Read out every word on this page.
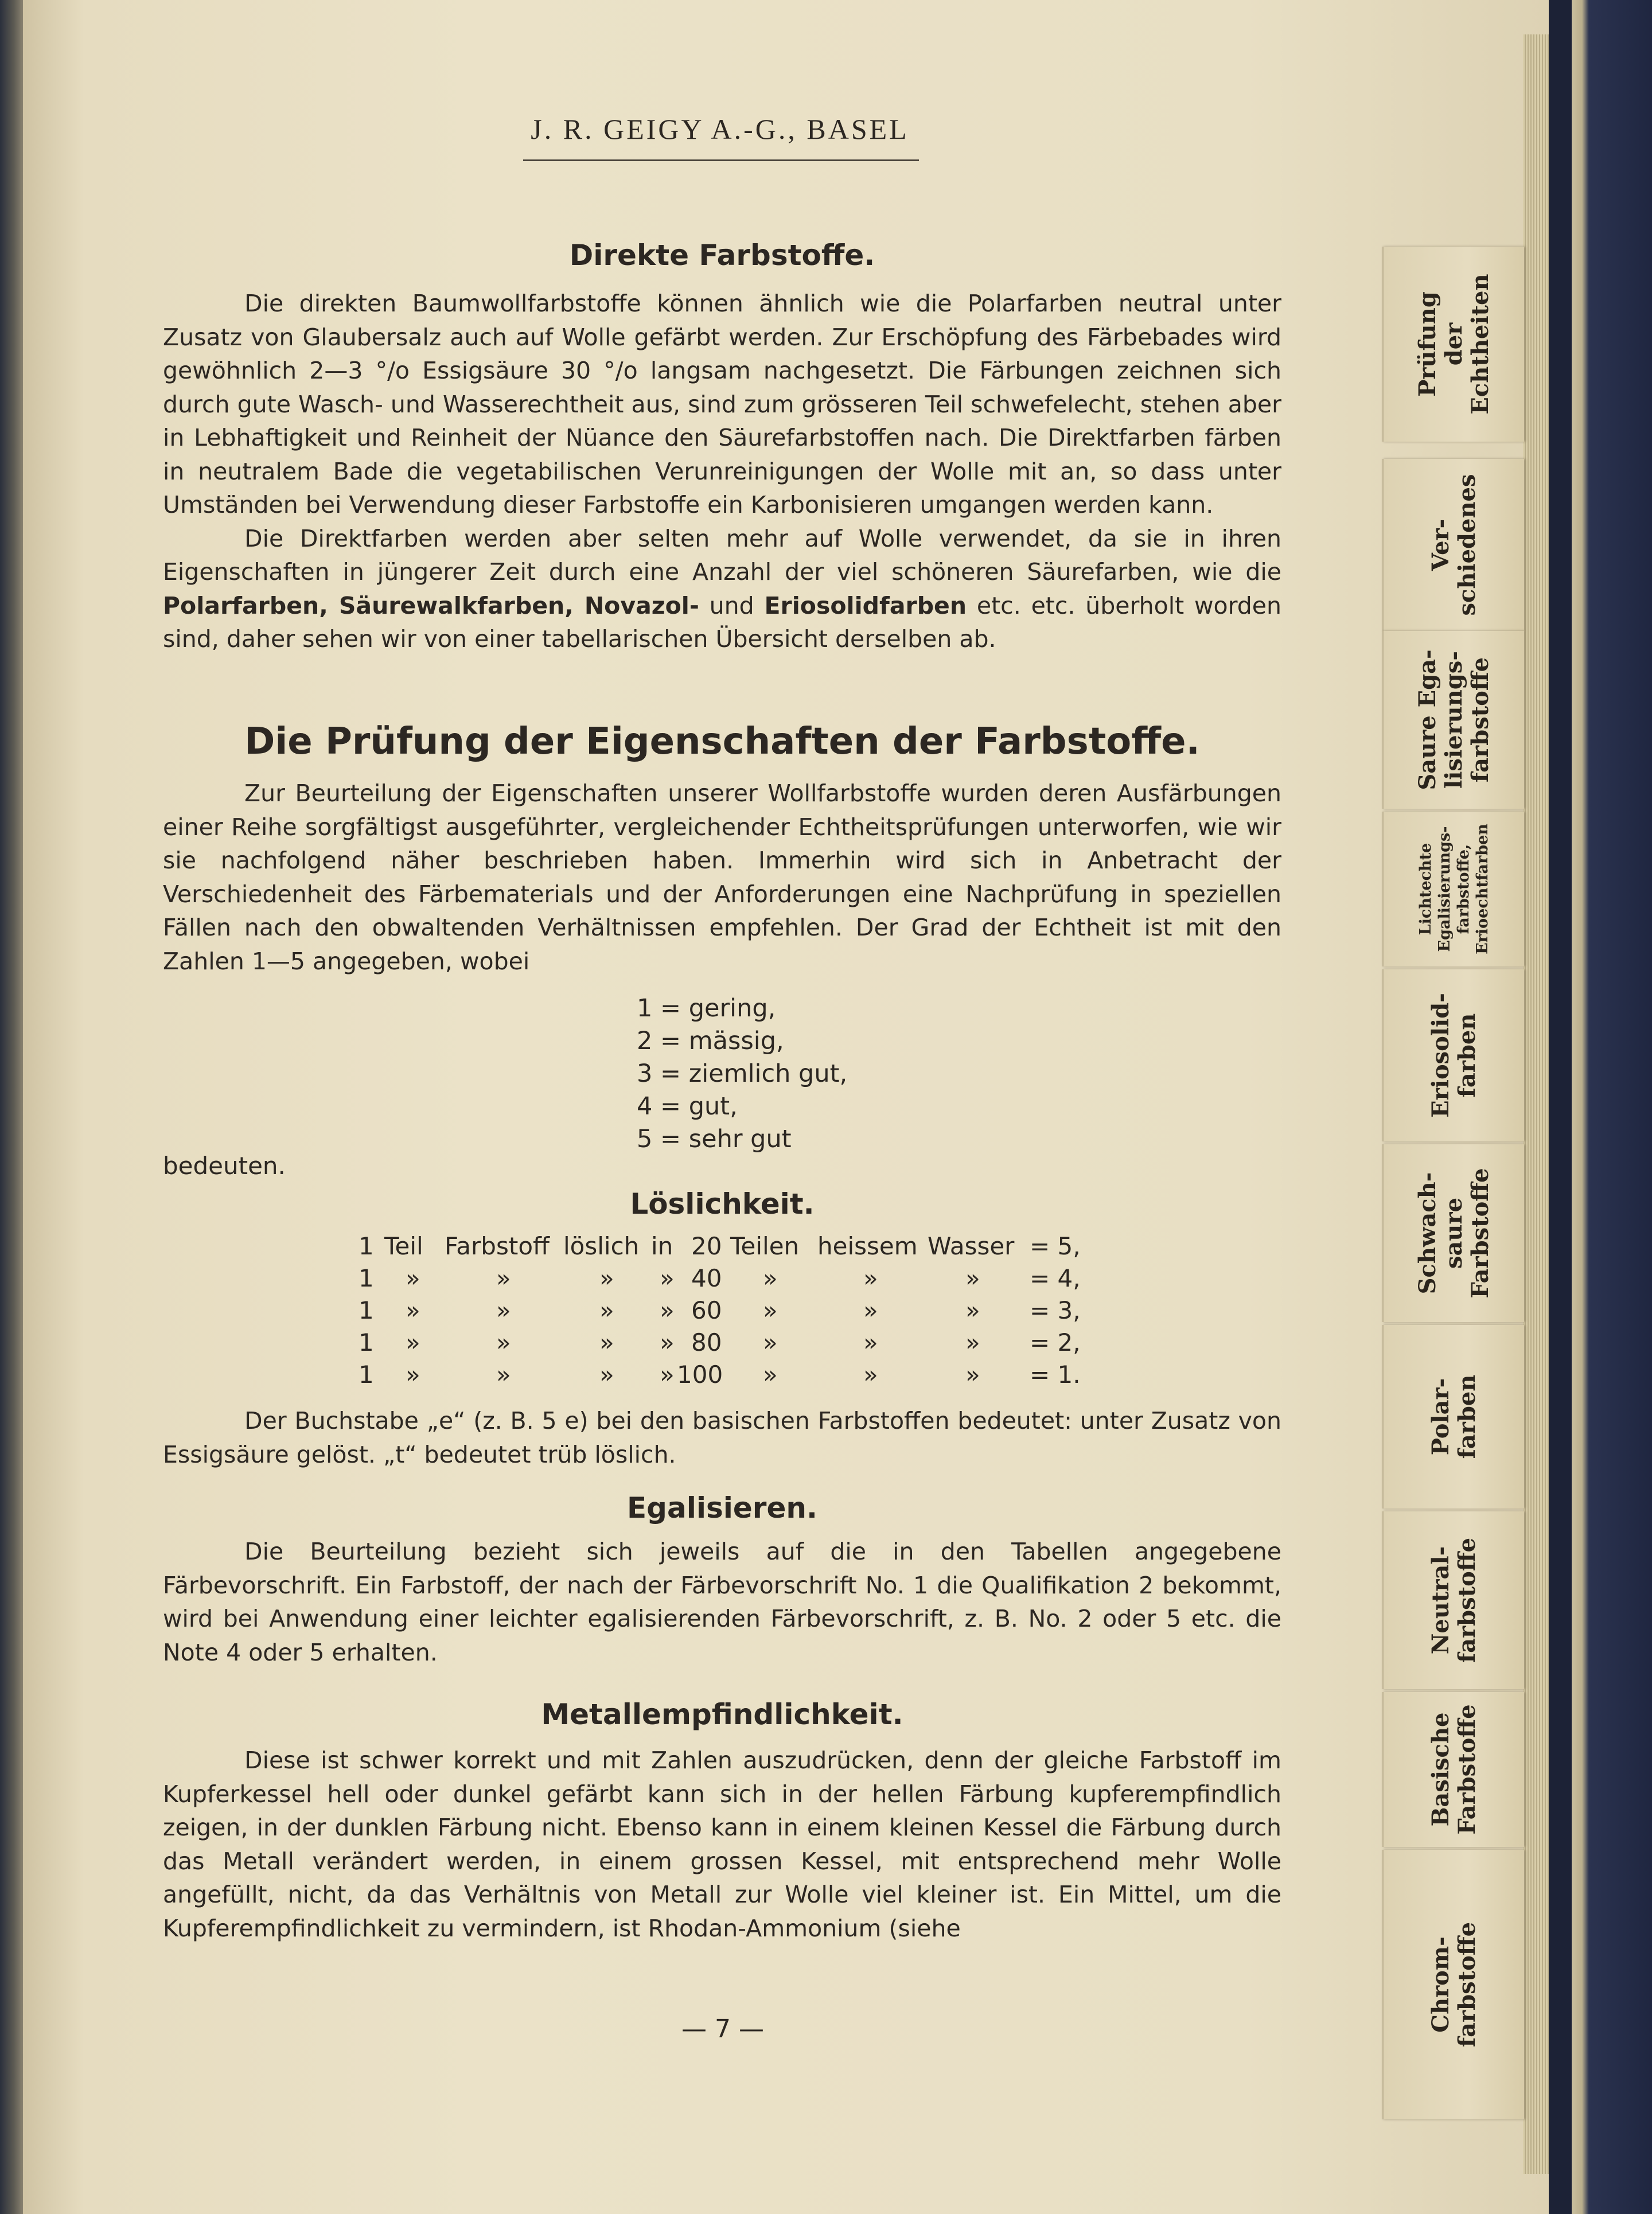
J. R. GEIGY A.-G., BASEL
Direkte Farbstoffe.

Die direkten Baumwollfarbstoffe können ähnlich wie die Polarfarben neutral unter Zusatz von Glaubersalz auch auf Wolle gefärbt werden. Zur Erschöpfung des Färbebades wird gewöhnlich 2—3 °/o Essigsäure 30 °/o langsam nachgesetzt. Die Färbungen zeichnen sich durch gute Wasch- und Wasserechtheit aus, sind zum grösseren Teil schwefelecht, stehen aber in Lebhaftigkeit und Reinheit der Nüance den Säurefarbstoffen nach. Die Direktfarben färben in neutralem Bade die vegetabilischen Verunreinigungen der Wolle mit an, so dass unter Umständen bei Verwendung dieser Farbstoffe ein Karbonisieren umgangen werden kann.

Die Direktfarben werden aber selten mehr auf Wolle verwendet, da sie in ihren Eigenschaften in jüngerer Zeit durch eine Anzahl der viel schöneren Säurefarben, wie die Polarfarben, Säurewalkfarben, Novazol- und Eriosolidfarben etc. etc. überholt worden sind, daher sehen wir von einer tabellarischen Übersicht derselben ab.

Die Prüfung der Eigenschaften der Farbstoffe.

Zur Beurteilung der Eigenschaften unserer Wollfarbstoffe wurden deren Ausfärbungen einer Reihe sorgfältigst ausgeführter, vergleichender Echtheitsprüfungen unterworfen, wie wir sie nachfolgend näher beschrieben haben. Immerhin wird sich in Anbetracht der Verschiedenheit des Färbematerials und der Anforderungen eine Nachprüfung in speziellen Fällen nach den obwaltenden Verhältnissen empfehlen. Der Grad der Echtheit ist mit den Zahlen 1—5 angegeben, wobei

1 = gering,
2 = mässig,
3 = ziemlich gut,
4 = gut,
5 = sehr gut
bedeuten.
Löslichkeit.
1 Teil Farbstoff löslich in 20 Teilen heissem Wasser = 5,
1 »	»	» » 40 »	»	» = 4,
1 »	»	» » 60 »	»	» = 3,
1 »	»	» » 80 »	»	» = 2,
1 »	»	» » 100 »	»	» = 1.

Der Buchstabe „e“ (z. B. 5 e) bei den basischen Farbstoffen bedeutet: unter Zusatz von Essigsäure gelöst. „t“ bedeutet trüb löslich.

Egalisieren.

Die Beurteilung bezieht sich jeweils auf die in den Tabellen angegebene Färbevorschrift. Ein Farbstoff, der nach der Färbevorschrift No. 1 die Qualifikation 2 bekommt, wird bei Anwendung einer leichter egalisierenden Färbevorschrift, z. B. No. 2 oder 5 etc. die Note 4 oder 5 erhalten.

Metallempfindlichkeit.

Diese ist schwer korrekt und mit Zahlen auszudrücken, denn der gleiche Farbstoff im Kupferkessel hell oder dunkel gefärbt kann sich in der hellen Färbung kupferempfindlich zeigen, in der dunklen Färbung nicht. Ebenso kann in einem kleinen Kessel die Färbung durch das Metall verändert werden, in einem grossen Kessel, mit entsprechend mehr Wolle angefüllt, nicht, da das Verhältnis von Metall zur Wolle viel kleiner ist. Ein Mittel, um die Kupferempfindlichkeit zu vermindern, ist Rhodan-Ammonium (siehe

— 7 —
Prüfung der Echtheiten
Ver- schiedenes
Saure Ega- lisierungs- farbstoffe
Lichtechte Egalisierungs- farbstoffe, Erioechtfarben
Eriosolid- farben
Schwach- saure Farbstoffe
Polar- farben
Neutral- farbstoffe
Basische Farbstoffe
Chrom- farbstoffe
